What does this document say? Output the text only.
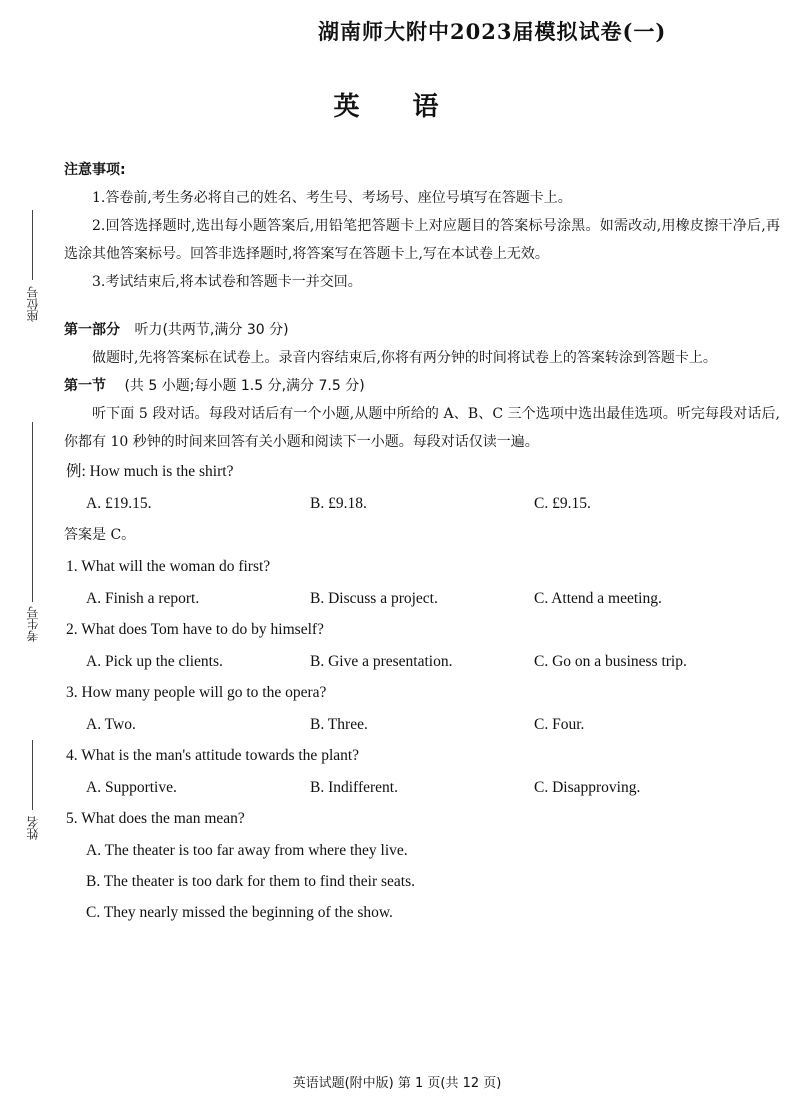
湖南师大附中2023届模拟试卷(一)
英 语
座位号
考生号
姓名
注意事项:

1.答卷前,考生务必将自己的姓名、考生号、考场号、座位号填写在答题卡上。

2.回答选择题时,选出每小题答案后,用铅笔把答题卡上对应题目的答案标号涂黑。如需改动,用橡皮擦干净后,再选涂其他答案标号。回答非选择题时,将答案写在答题卡上,写在本试卷上无效。

3.考试结束后,将本试卷和答题卡一并交回。

第一部分 听力(共两节,满分 30 分)

做题时,先将答案标在试卷上。录音内容结束后,你将有两分钟的时间将试卷上的答案转涂到答题卡上。

第一节 (共 5 小题;每小题 1.5 分,满分 7.5 分)

听下面 5 段对话。每段对话后有一个小题,从题中所给的 A、B、C 三个选项中选出最佳选项。听完每段对话后,你都有 10 秒钟的时间来回答有关小题和阅读下一小题。每段对话仅读一遍。

例: How much is the shirt?
A. £19.15.	B. £9.18.	C. £9.15.
答案是 C。
1. What will the woman do first?
A. Finish a report.	B. Discuss a project.	C. Attend a meeting.
2. What does Tom have to do by himself?
A. Pick up the clients.	B. Give a presentation.	C. Go on a business trip.
3. How many people will go to the opera?
A. Two.	B. Three.	C. Four.
4. What is the man's attitude towards the plant?
A. Supportive.	B. Indifferent.	C. Disapproving.
5. What does the man mean?
A. The theater is too far away from where they live.
B. The theater is too dark for them to find their seats.
C. They nearly missed the beginning of the show.
英语试题(附中版) 第 1 页(共 12 页)
